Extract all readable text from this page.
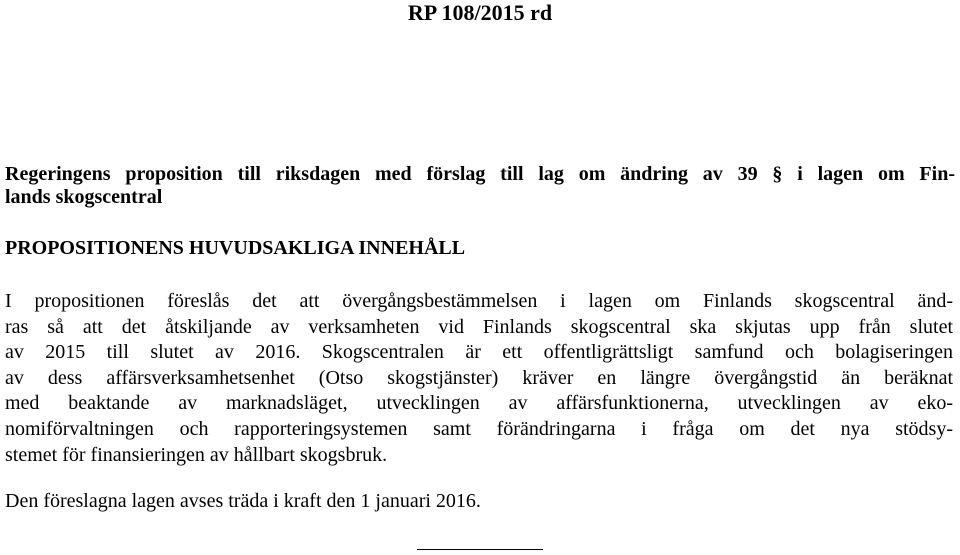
RP 108/2015 rd
Regeringens proposition till riksdagen med förslag till lag om ändring av 39 § i lagen om Fin-
lands skogscentral
PROPOSITIONENS HUVUDSAKLIGA INNEHÅLL

I propositionen föreslås det att övergångsbestämmelsen i lagen om Finlands skogscentral änd-
ras så att det åtskiljande av verksamheten vid Finlands skogscentral ska skjutas upp från slutet
av 2015 till slutet av 2016. Skogscentralen är ett offentligrättsligt samfund och bolagiseringen
av dess affärsverksamhetsenhet (Otso skogstjänster) kräver en längre övergångstid än beräknat
med beaktande av marknadsläget, utvecklingen av affärsfunktionerna, utvecklingen av eko-
nomiförvaltningen och rapporteringsystemen samt förändringarna i fråga om det nya stödsy-
stemet för finansieringen av hållbart skogsbruk.

Den föreslagna lagen avses träda i kraft den 1 januari 2016.
